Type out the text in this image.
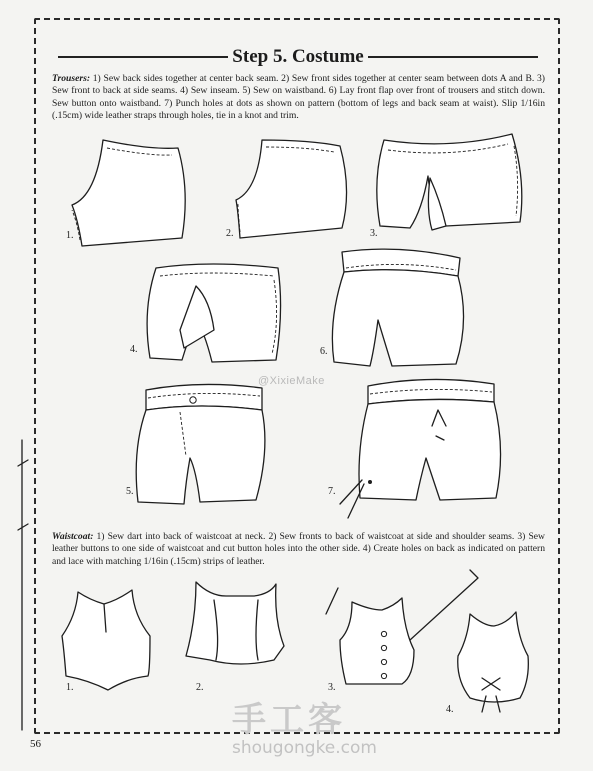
Step 5. Costume
Trousers: 1) Sew back sides together at center back seam. 2) Sew front sides together at center seam between dots A and B. 3) Sew front to back at side seams. 4) Sew inseam. 5) Sew on waistband. 6) Lay front flap over front of trousers and stitch down. Sew button onto waistband. 7) Punch holes at dots as shown on pattern (bottom of legs and back seam at waist). Slip 1/16in (.15cm) wide leather straps through holes, tie in a knot and trim.
Waistcoat: 1) Sew dart into back of waistcoat at neck. 2) Sew fronts to back of waistcoat at side and shoulder seams. 3) Sew leather buttons to one side of waistcoat and cut button holes into the other side. 4) Create holes on back as indicated on pattern and lace with matching 1/16in (.15cm) strips of leather.
1.	2.	3.
4.	6.
5.	7.
1.	2.	3.
4.
@XixieMake
手工客
shougongke.com
56
